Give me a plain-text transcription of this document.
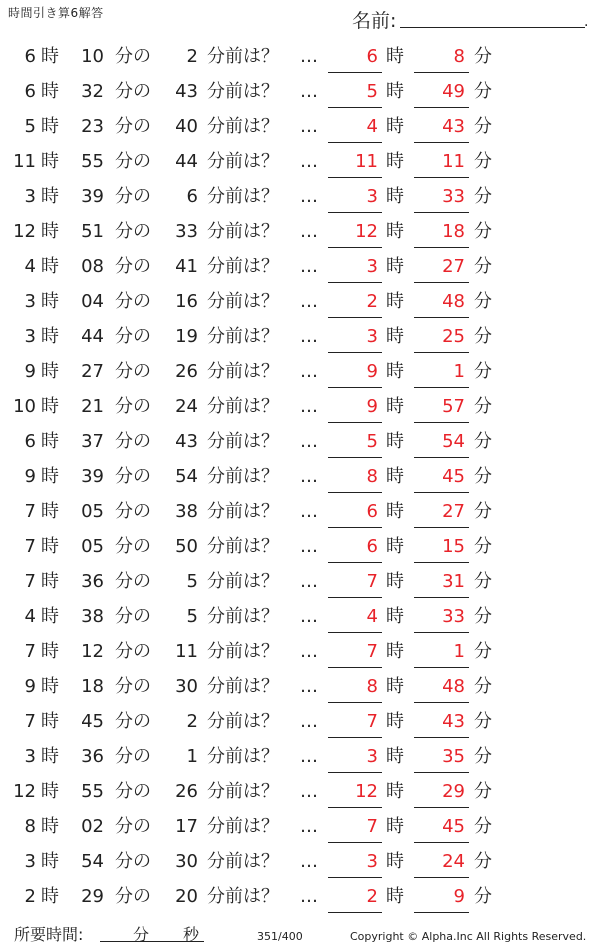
時間引き算6解答	名前:	.
6 時	10 分の	2 分前は？ …	6 時	8 分
6 時	32 分の	43 分前は？ …	5 時	49 分
5 時	23 分の	40 分前は？ …	4 時	43 分
11 時	55 分の	44 分前は？ …	11 時	11 分
3 時	39 分の	6 分前は？ …	3 時	33 分
12 時	51 分の	33 分前は？ …	12 時	18 分
4 時	08 分の	41 分前は？ …	3 時	27 分
3 時	04 分の	16 分前は？ …	2 時	48 分
3 時	44 分の	19 分前は？ …	3 時	25 分
9 時	27 分の	26 分前は？ …	9 時	1 分
10 時	21 分の	24 分前は？ …	9 時	57 分
6 時	37 分の	43 分前は？ …	5 時	54 分
9 時	39 分の	54 分前は？ …	8 時	45 分
7 時	05 分の	38 分前は？ …	6 時	27 分
7 時	05 分の	50 分前は？ …	6 時	15 分
7 時	36 分の	5 分前は？ …	7 時	31 分
4 時	38 分の	5 分前は？ …	4 時	33 分
7 時	12 分の	11 分前は？ …	7 時	1 分
9 時	18 分の	30 分前は？ …	8 時	48 分
7 時	45 分の	2 分前は？ …	7 時	43 分
3 時	36 分の	1 分前は？ …	3 時	35 分
12 時	55 分の	26 分前は？ …	12 時	29 分
8 時	02 分の	17 分前は？ …	7 時	45 分
3 時	54 分の	30 分前は？ …	3 時	24 分
2 時	29 分の	20 分前は？ …	2 時	9 分
所要時間:	分 秒	351/400	Copyright © Alpha.Inc All Rights Reserved.
